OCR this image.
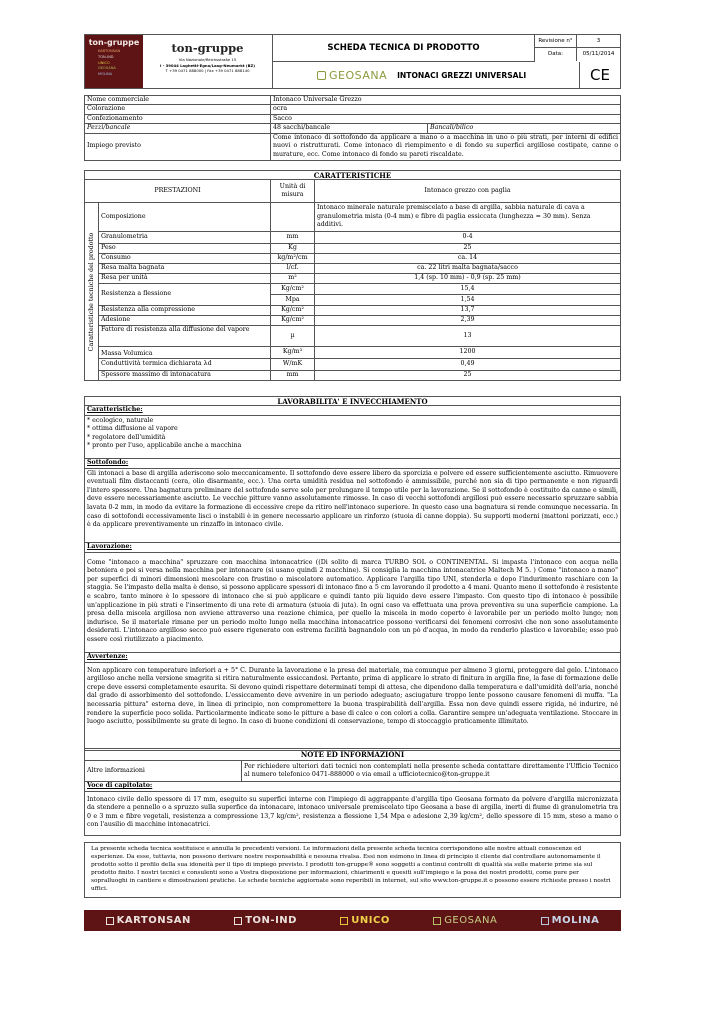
ton-gruppe
KARTONSAN
TON-IND
UNICO
GEOSANA
MOLINA
ton-gruppe
Via Nazionale/Reichsstraße 15
I - 39044 Laghetti-Egna/Laag-Neumarkt (BZ)
T +39 0471 888000 | Fax +39 0471 888140
SCHEDA TECNICA DI PRODOTTO
Revisione n°	3
Data:	05/11/2014
GEOSANA INTONACI GREZZI UNIVERSALI	CE
Nome commerciale	Intonaco Universale Grezzo	
Colorazione	ocra	
Confezionamento	Sacco	
Pezzi/bancale	48 sacchi/bancale	Bancali/bilico
Impiego previsto	Come intonaco di sottofondo da applicare a mano o a macchina in uno o più strati, per interni di edifici nuovi o ristrutturati. Come intonaco di riempimento e di fondo su superfici argillose costipate, canne o murature, ecc. Come intonaco di fondo su pareti riscaldate.	
CARATTERISTICHE
PRESTAZIONI		Unità di misura	Intonaco grezzo con paglia

Caratteristiche tecniche del prodotto	Composizione		Intonaco minerale naturale premiscelato a base di argilla, sabbia naturale di cava a granulometria mista (0-4 mm) e fibre di paglia essiccata (lunghezza = 30 mm). Senza additivi.
	Granulometria	mm	0-4
	Peso	Kg	25
	Consumo	kg/m²/cm	ca. 14
	Resa malta bagnata	l/cf.	ca. 22 litri malta bagnata/sacco
	Resa per unità	m²	1,4 (sp. 10 mm) - 0,9 (sp. 25 mm)
	Resistenza a flessione	Kg/cm²	15,4
		Mpa	1,54
	Resistenza alla compressione	Kg/cm²	13,7
	Adesione	Kg/cm²	2,39
	Fattore di resistenza alla diffusione del vapore	µ	13
	Massa Volumica	Kg/m³	1200
	Conduttività termica dichiarata λd	W/mK	0,49
	Spessore massimo di intonacatura	mm	25
LAVORABILITA' E INVECCHIAMENTO
Caratteristiche:
* ecologico, naturale
* ottima diffusione al vapore
* regolatore dell'umidità
* pronto per l'uso, applicabile anche a macchina
Sottofondo:
Gli intonaci a base di argilla aderiscono solo meccanicamente. Il sottofondo deve essere libero da sporcizia e polvere ed essere sufficientemente asciutto. Rimuovere eventuali film distaccanti (cera, olio disarmante, ecc.). Una certa umidità residua nel sottofondo è ammissibile, purché non sia di tipo permanente e non riguardi l'intero spessore. Una bagnatura preliminare del sottofondo serve solo per prolungare il tempo utile per la lavorazione. Se il sottofondo è costituito da canne e simili, deve essere necessariamente asciutto. Le vecchie pitture vanno assolutamente rimosse. In caso di vecchi sottofondi argillosi può essere necessario spruzzare sabbia lavata 0-2 mm, in modo da evitare la formazione di eccessive crepe da ritiro nell'intonaco superiore. In questo caso una bagnatura si rende comunque necessaria. In caso di sottofondi eccessivamente lisci o instabili è in genere necessario applicare un rinforzo (stuoia di canne doppia). Su supporti moderni (mattoni porizzati, ecc.) è da applicare preventivamente un rinzaffo in intonaco civile.
Lavorazione:
Come "intonaco a macchina" spruzzare con macchina intonacatrice ((Di solito di marca TURBO SOL o CONTINENTAL. Si impasta l'intonaco con acqua nella betoniera e poi si versa nella macchina per intonacare (si usano quindi 2 macchine). Si consiglia la macchina intonacatrice Maltech M 5. ) Come "intonaco a mano" per superfici di minori dimensioni mescolare con frustino o miscelatore automatico. Applicare l'argilla tipo UNI, stenderla e dopo l'indurimento raschiare con la staggia. Se l'impasto della malta è denso, si possono applicare spessori di intonaco fino a 5 cm lavorando il prodotto a 4 mani. Quanto meno il sottofondo è resistente e scabro, tanto minore è lo spessore di intonaco che si può applicare e quindi tanto più liquido deve essere l'impasto. Con questo tipo di intonaco è possibile un'applicazione in più strati e l'inserimento di una rete di armatura (stuoia di juta). In ogni caso va effettuata una prova preventiva su una superficie campione. La presa della miscela argillosa non avviene attraverso una reazione chimica, per quello la miscela in modo coperto è lavorabile per un periodo molto lungo; non indurisce. Se il materiale rimane per un periodo molto lungo nella macchina intonacatrice possono verificarsi dei fenomeni corrosivi che non sono assolutamente desiderati. L'intonaco argilloso secco può essere rigenerato con estrema facilità bagnandolo con un pò d'acqua, in modo da renderlo plastico e lavorabile; esso può essere così riutilizzato a piacimento.
Avvertenze:
Non applicare con temperature inferiori a + 5° C. Durante la lavorazione e la presa del materiale, ma comunque per almeno 3 giorni, proteggere dal gelo. L'intonaco argilloso anche nella versione smagrita si ritira naturalmente essiccandosi. Pertanto, prima di applicare lo strato di finitura in argilla fine, la fase di formazione delle crepe deve essersi completamente esaurita. Si devono quindi rispettare determinati tempi di attesa, che dipendono dalla temperatura e dall'umidità dell'aria, nonché dal grado di assorbimento del sottofondo. L'essiccamento deve avvenire in un periodo adeguato; asciugature troppo lente possono causare fenomeni di muffa. "La necessaria pittura" esterna deve, in linea di principio, non compromettere la buona traspirabilità dell'argilla. Essa non deve quindi essere rigida, né indurire, né rendere la superficie poco solida. Particolarmente indicate sono le pitture a base di calce o con colori a colla. Garantire sempre un'adeguata ventilazione. Stoccare in luogo asciutto, possibilmente su grate di legno. In caso di buone condizioni di conservazione, tempo di stoccaggio praticamente illimitato.
NOTE ED INFORMAZIONI
Altre informazioni	Per richiedere ulteriori dati tecnici non contemplati nella presente scheda contattare direttamente l'Ufficio Tecnico al numero telefonico 0471-888000 o via email a ufficiotecnico@ton-gruppe.it
Voce di capitolato:
Intonaco civile dello spessore di 17 mm, eseguito su superfici interne con l'impiego di aggrappante d'argilla tipo Geosana formato da polvere d'argilla micronizzata da stendere a pennello o a spruzzo sulla superfice da intonacare, intonaco universale premiscelato tipo Geosana a base di argilla, inerti di fiume di granulometria tra 0 e 3 mm e fibre vegetali, resistenza a compressione 13,7 kg/cm², resistenza a flessione 1,54 Mpa e adesione 2,39 kg/cm², dello spessore di 15 mm, steso a mano o con l'ausilio di macchine intonacatrici.
La presente scheda tecnica sostituisce e annulla le precedenti versioni. Le informazioni della presente scheda tecnica corrispondono alle nostre attuali conoscenze ed esperienze. Da esse, tuttavia, non possono derivare nostre responsabilità e nessuna rivalsa. Essi non esimono in linea di principio il cliente dal controllare autonomamente il prodotto sotto il profilo della sua idoneità per il tipo di impiego previsto. I prodotti ton-gruppe® sono soggetti a continui controlli di qualità sia sulle materie prime sia sul prodotto finito. I nostri tecnici e consulenti sono a Vostra disposizione per informazioni, chiarimenti e quesiti sull'impiego e la posa dei nostri prodotti, come pure per sopralluoghi in cantiere e dimostrazioni pratiche. Le schede tecniche aggiornate sono reperibili in internet, sul sito www.ton-gruppe.it o possono essere richieste presso i nostri uffici.
KARTONSAN	TON-IND	UNICO	GEOSANA	MOLINA
